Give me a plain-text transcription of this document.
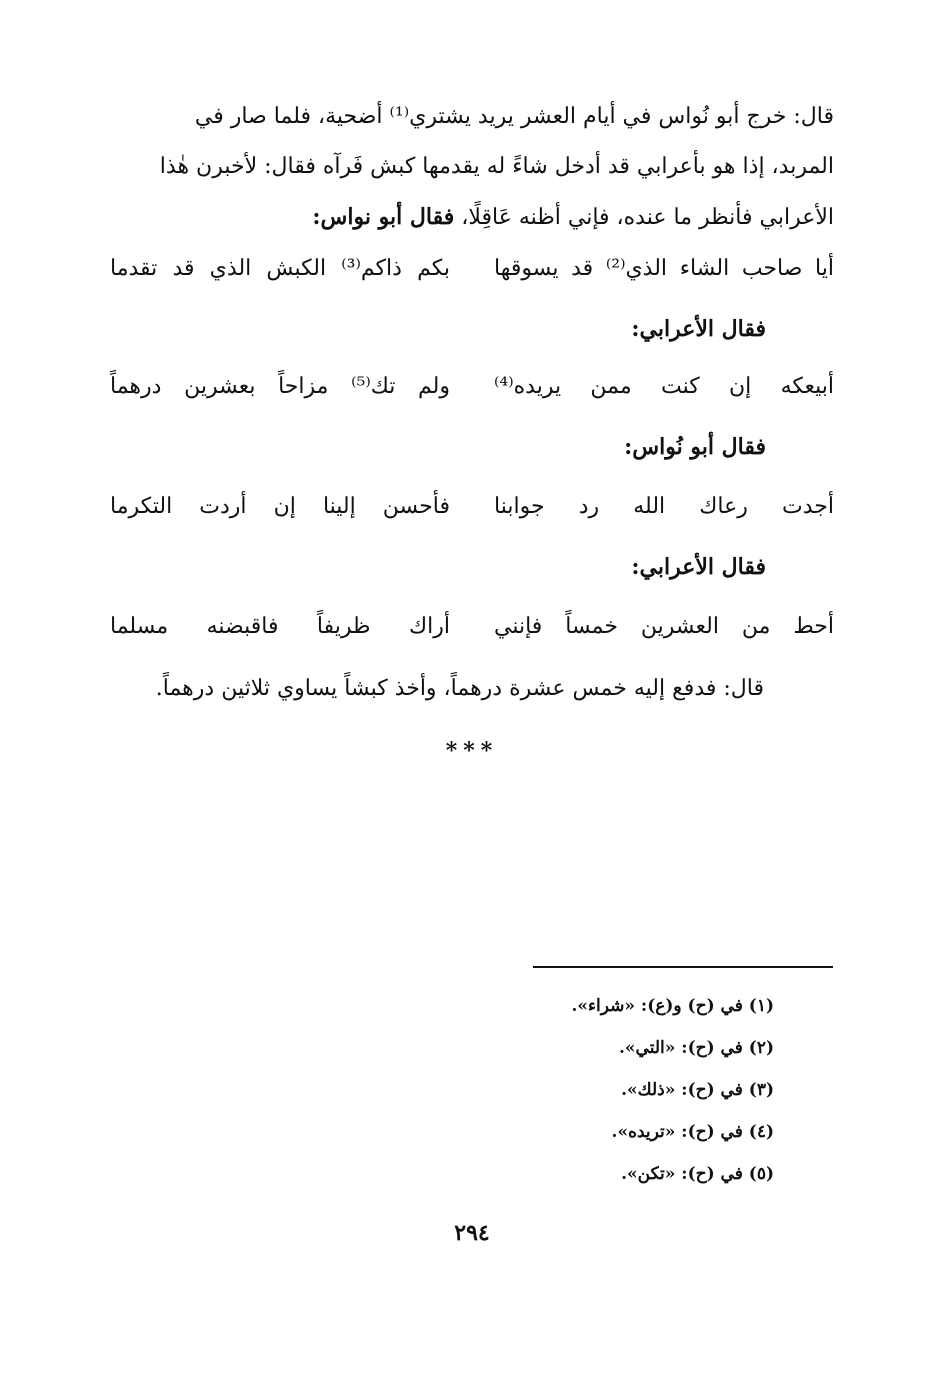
قال: خرج أبو نُواس في أيام العشر يريد يشتري⁽¹⁾ أضحية، فلما صار في
المربد، إذا هو بأعرابي قد أدخل شاءً له يقدمها كبش فَرآه فقال: لأخبرن هٰذا
الأعرابي فأنظر ما عنده، فإني أظنه عَاقِلًا، فقال أبو نواس:
أيا صاحب الشاء الذي⁽²⁾ قد يسوقها
بكم ذاكم⁽³⁾ الكبش الذي قد تقدما
فقال الأعرابي:
أبيعكه إن كنت ممن يريده⁽⁴⁾
ولم تك⁽⁵⁾ مزاحاً بعشرين درهماً
فقال أبو نُواس:
أجدت رعاك الله رد جوابنا
فأحسن إلينا إن أردت التكرما
فقال الأعرابي:
أحط من العشرين خمساً فإنني
أراك ظريفاً فاقبضنه مسلما
قال: فدفع إليه خمس عشرة درهماً، وأخذ كبشاً يساوي ثلاثين درهماً.
***
(١) في (ح) و(ع): «شراء».
(٢) في (ح): «التي».
(٣) في (ح): «ذلك».
(٤) في (ح): «تريده».
(٥) في (ح): «تكن».
٢٩٤
